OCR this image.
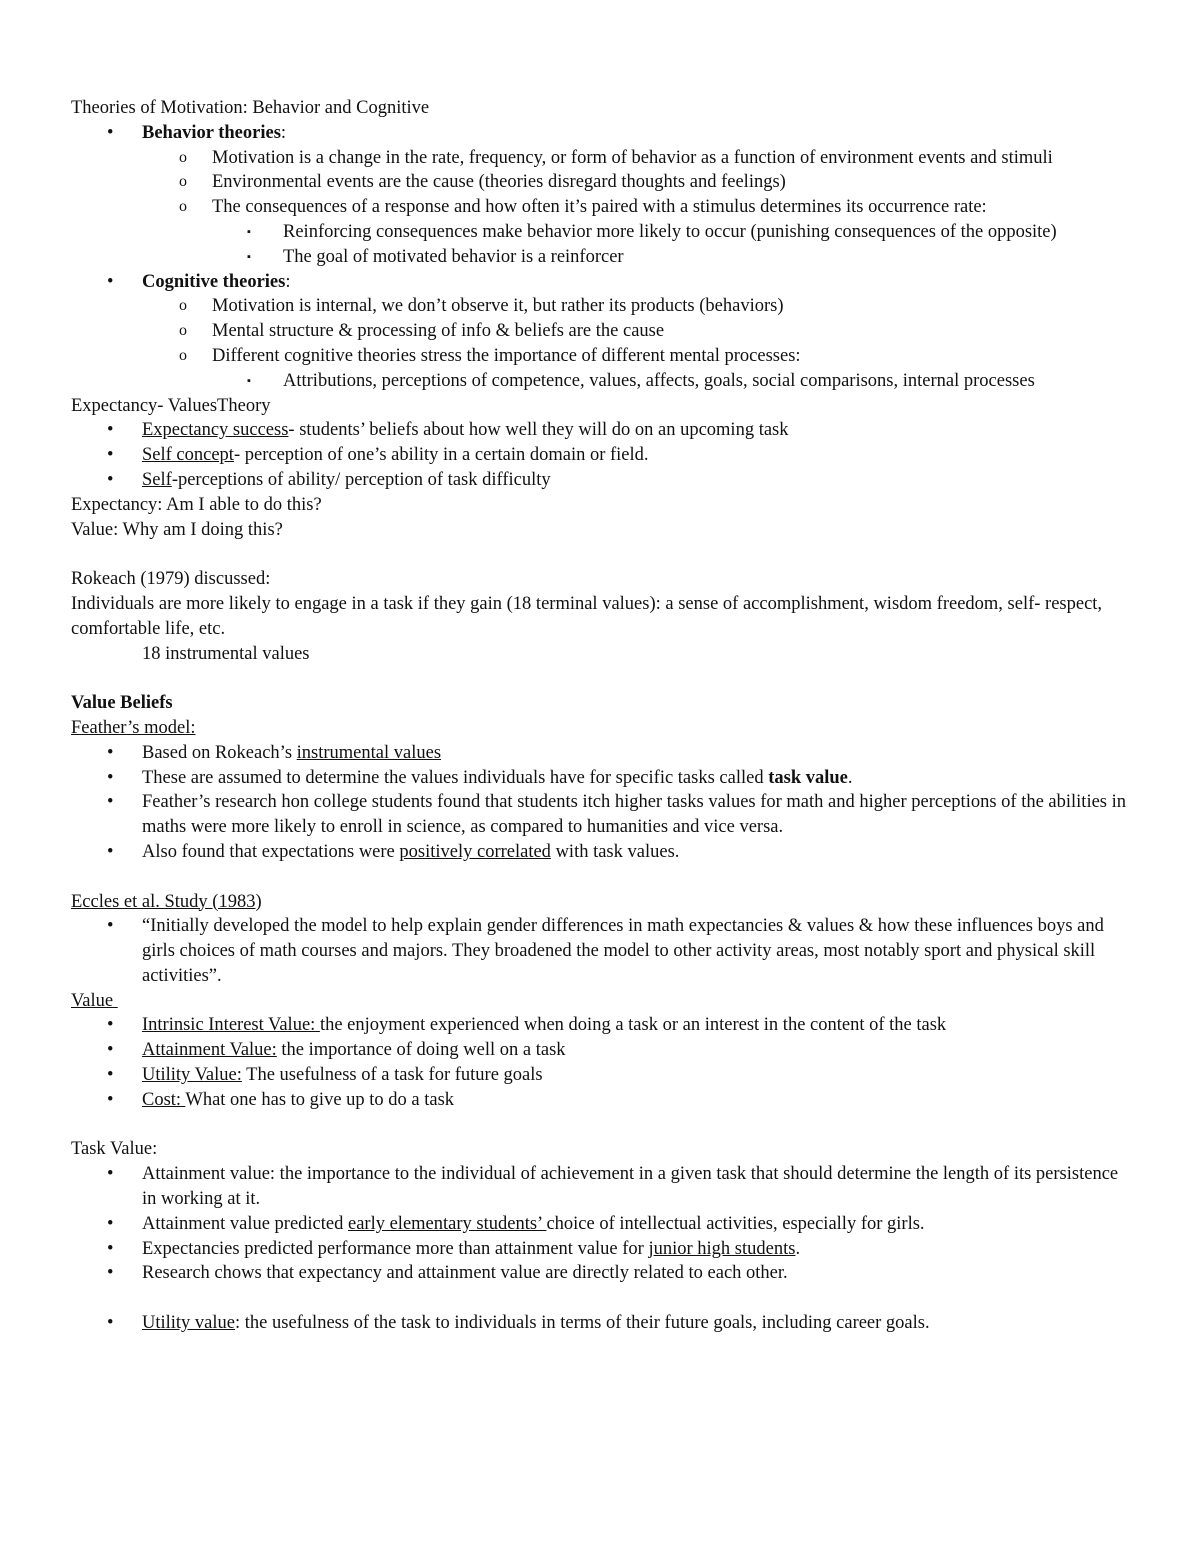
Theories of Motivation: Behavior and Cognitive
• Behavior theories:
o Motivation is a change in the rate, frequency, or form of behavior as a function of environment events and stimuli
o Environmental events are the cause (theories disregard thoughts and feelings)
o The consequences of a response and how often it’s paired with a stimulus determines its occurrence rate:
▪ Reinforcing consequences make behavior more likely to occur (punishing consequences of the opposite)
▪ The goal of motivated behavior is a reinforcer
• Cognitive theories:
o Motivation is internal, we don’t observe it, but rather its products (behaviors)
o Mental structure & processing of info & beliefs are the cause
o Different cognitive theories stress the importance of different mental processes:
▪ Attributions, perceptions of competence, values, affects, goals, social comparisons, internal processes
Expectancy- ValuesTheory
• Expectancy success- students’ beliefs about how well they will do on an upcoming task
• Self concept- perception of one’s ability in a certain domain or field.
• Self-perceptions of ability/ perception of task difficulty
Expectancy: Am I able to do this?
Value: Why am I doing this?
Rokeach (1979) discussed:
Individuals are more likely to engage in a task if they gain (18 terminal values): a sense of accomplishment, wisdom freedom, self- respect, comfortable life, etc.
18 instrumental values
Value Beliefs
Feather’s model:
• Based on Rokeach’s instrumental values
• These are assumed to determine the values individuals have for specific tasks called task value.
• Feather’s research hon college students found that students itch higher tasks values for math and higher perceptions of the abilities in maths were more likely to enroll in science, as compared to humanities and vice versa.
• Also found that expectations were positively correlated with task values.
Eccles et al. Study (1983)
• “Initially developed the model to help explain gender differences in math expectancies & values & how these influences boys and girls choices of math courses and majors. They broadened the model to other activity areas, most notably sport and physical skill activities”.
Value
• Intrinsic Interest Value: the enjoyment experienced when doing a task or an interest in the content of the task
• Attainment Value: the importance of doing well on a task
• Utility Value: The usefulness of a task for future goals
• Cost: What one has to give up to do a task
Task Value:
• Attainment value: the importance to the individual of achievement in a given task that should determine the length of its persistence in working at it.
• Attainment value predicted early elementary students’ choice of intellectual activities, especially for girls.
• Expectancies predicted performance more than attainment value for junior high students.
• Research chows that expectancy and attainment value are directly related to each other.
• Utility value: the usefulness of the task to individuals in terms of their future goals, including career goals.
